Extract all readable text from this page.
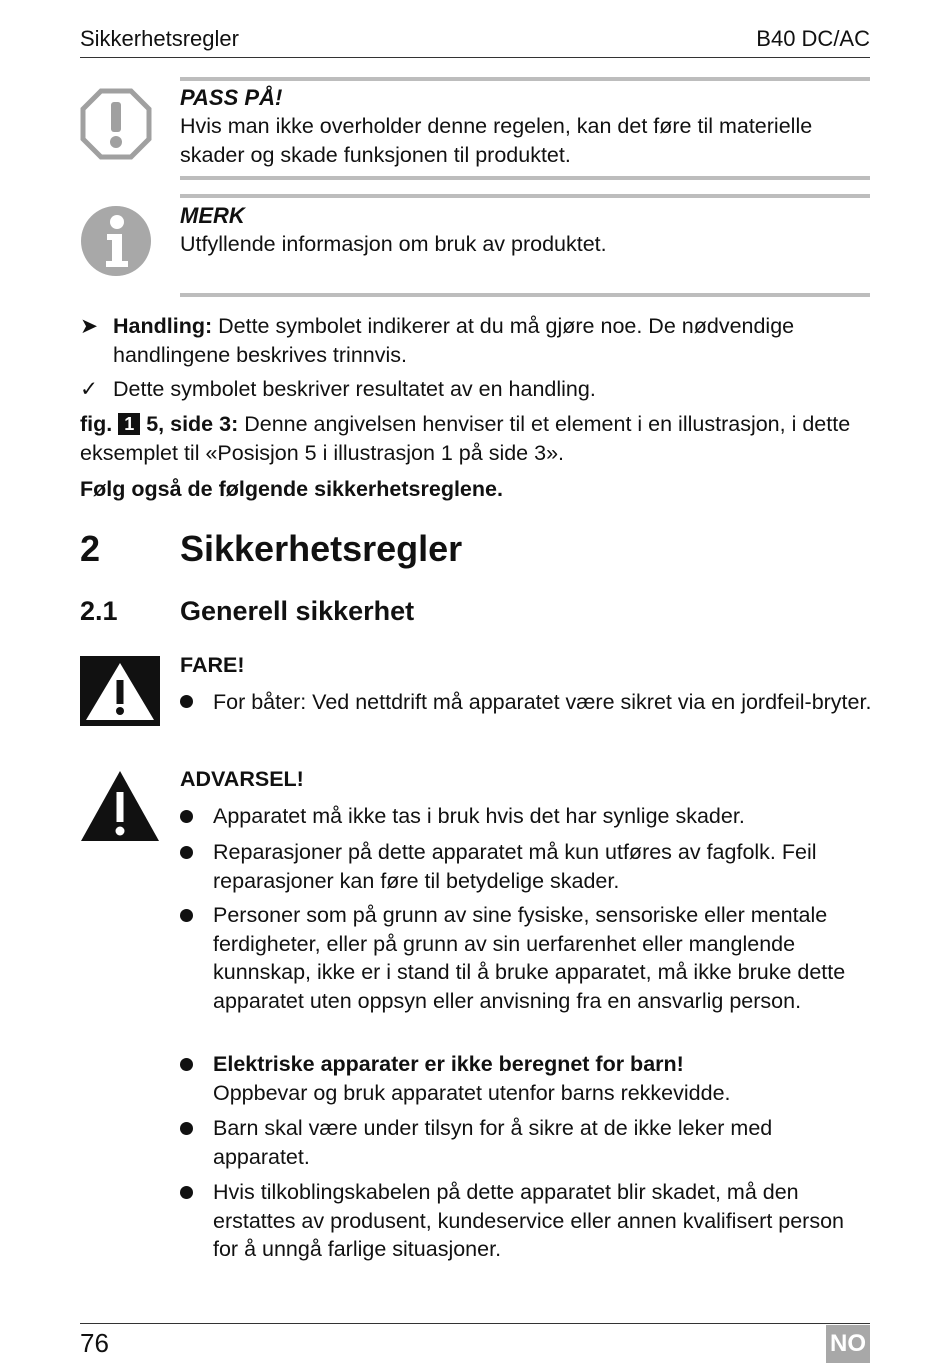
Sikkerhetsregler	B40 DC/AC
PASS PÅ!
Hvis man ikke overholder denne regelen, kan det føre til materielle skader og skade funksjonen til produktet.
MERK
Utfyllende informasjon om bruk av produktet.
➤ Handling: Dette symbolet indikerer at du må gjøre noe. De nødvendige handlingene beskrives trinnvis.
✓ Dette symbolet beskriver resultatet av en handling.
fig. 1 5, side 3: Denne angivelsen henviser til et element i en illustrasjon, i dette eksemplet til «Posisjon 5 i illustrasjon 1 på side 3».
Følg også de følgende sikkerhetsreglene.
2 Sikkerhetsregler
2.1 Generell sikkerhet
FARE!
For båter: Ved nettdrift må apparatet være sikret via en jordfeil-bryter.
ADVARSEL!
Apparatet må ikke tas i bruk hvis det har synlige skader.
Reparasjoner på dette apparatet må kun utføres av fagfolk. Feil reparasjoner kan føre til betydelige skader.
Personer som på grunn av sine fysiske, sensoriske eller mentale ferdigheter, eller på grunn av sin uerfarenhet eller manglende kunnskap, ikke er i stand til å bruke apparatet, må ikke bruke dette apparatet uten oppsyn eller anvisning fra en ansvarlig person.
Elektriske apparater er ikke beregnet for barn!
Oppbevar og bruk apparatet utenfor barns rekkevidde.
Barn skal være under tilsyn for å sikre at de ikke leker med apparatet.
Hvis tilkoblingskabelen på dette apparatet blir skadet, må den erstattes av produsent, kundeservice eller annen kvalifisert person for å unngå farlige situasjoner.
76	NO
